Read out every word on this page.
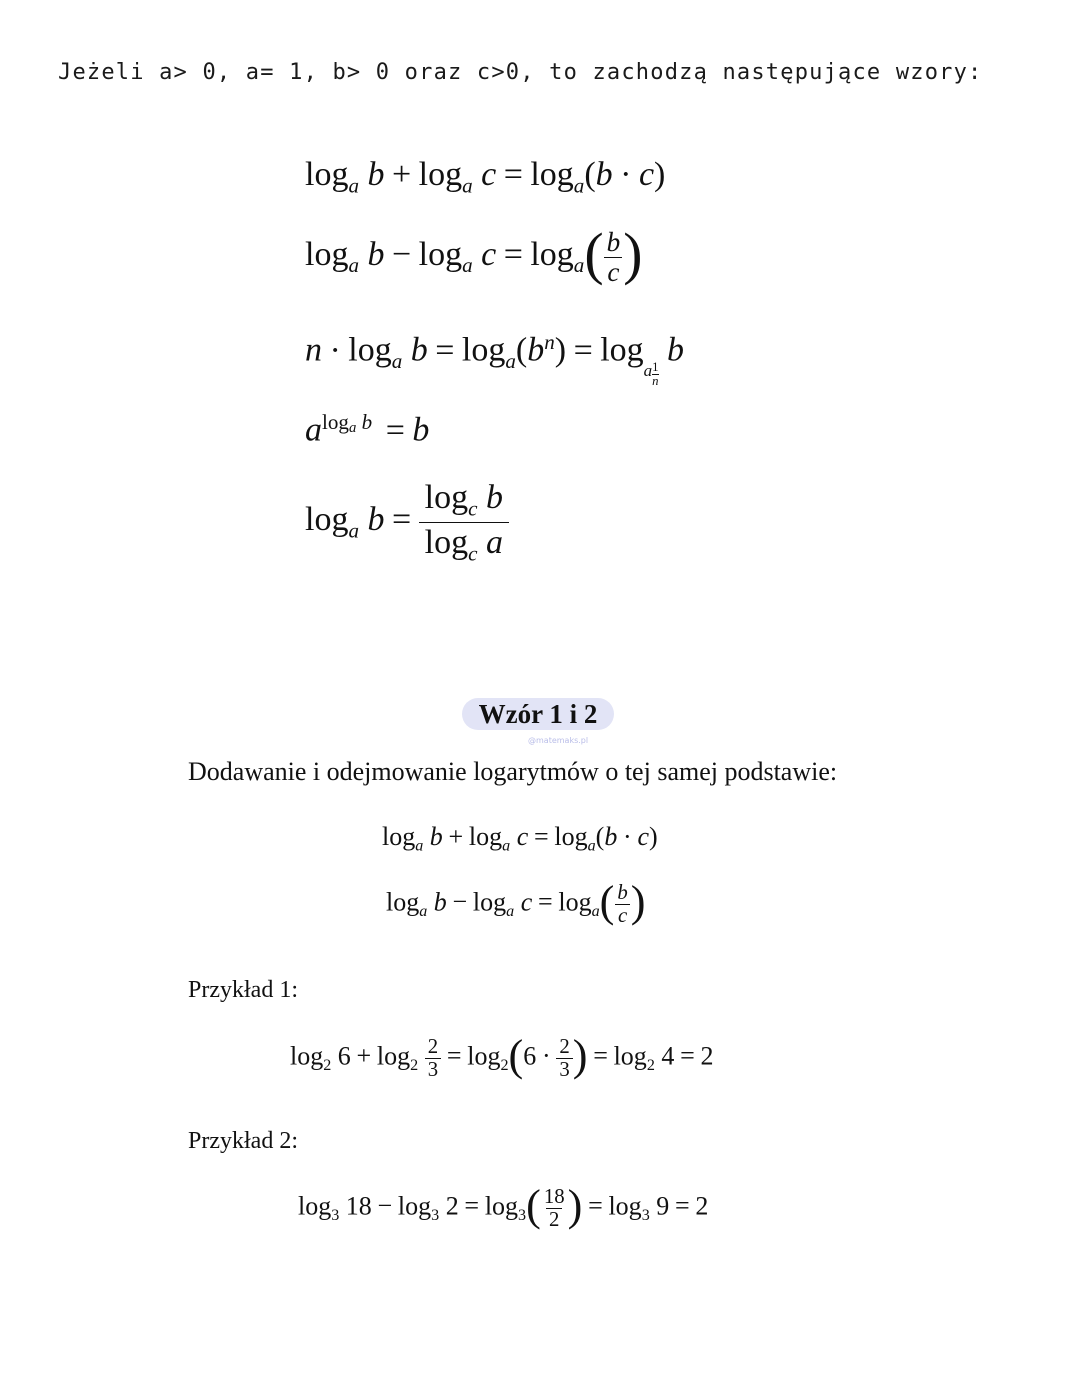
Jeżeli a> 0, a= 1, b> 0 oraz c>0, to zachodzą następujące wzory:
$\log_a b + \log_a c = \log_a(b \cdot c)$
$\log_a b - \log_a c = \log_a( \frac{b}{c}$ )
$n \cdot \log_a b = \log_a(b^n) = \log a \frac{1}{n}$
b
$a^{loga b} = b$
$\log_a b = \frac{\log_c b}{\log_c a}$
Wzór 1 i 2
@matemaks.pl
Dodawanie i odejmowanie logarytmów o tej samej podstawie:
$\log_a b + \log_a c = \log_a(b \cdot c)$
$\log_a b - \log_a c = \log_a( \frac{b}{c}$ )
Przykład 1:
$\log_2 6 + \log_2 \frac{2}{3} = \log_2(6 \cdot \frac{2}{3}$ ) = $\log_2 4 = 2$
Przykład 2:
$\log_3 18 - \log_3 2 = \log_3( \frac{18}{2}$ ) = $\log_3 9 = 2$
